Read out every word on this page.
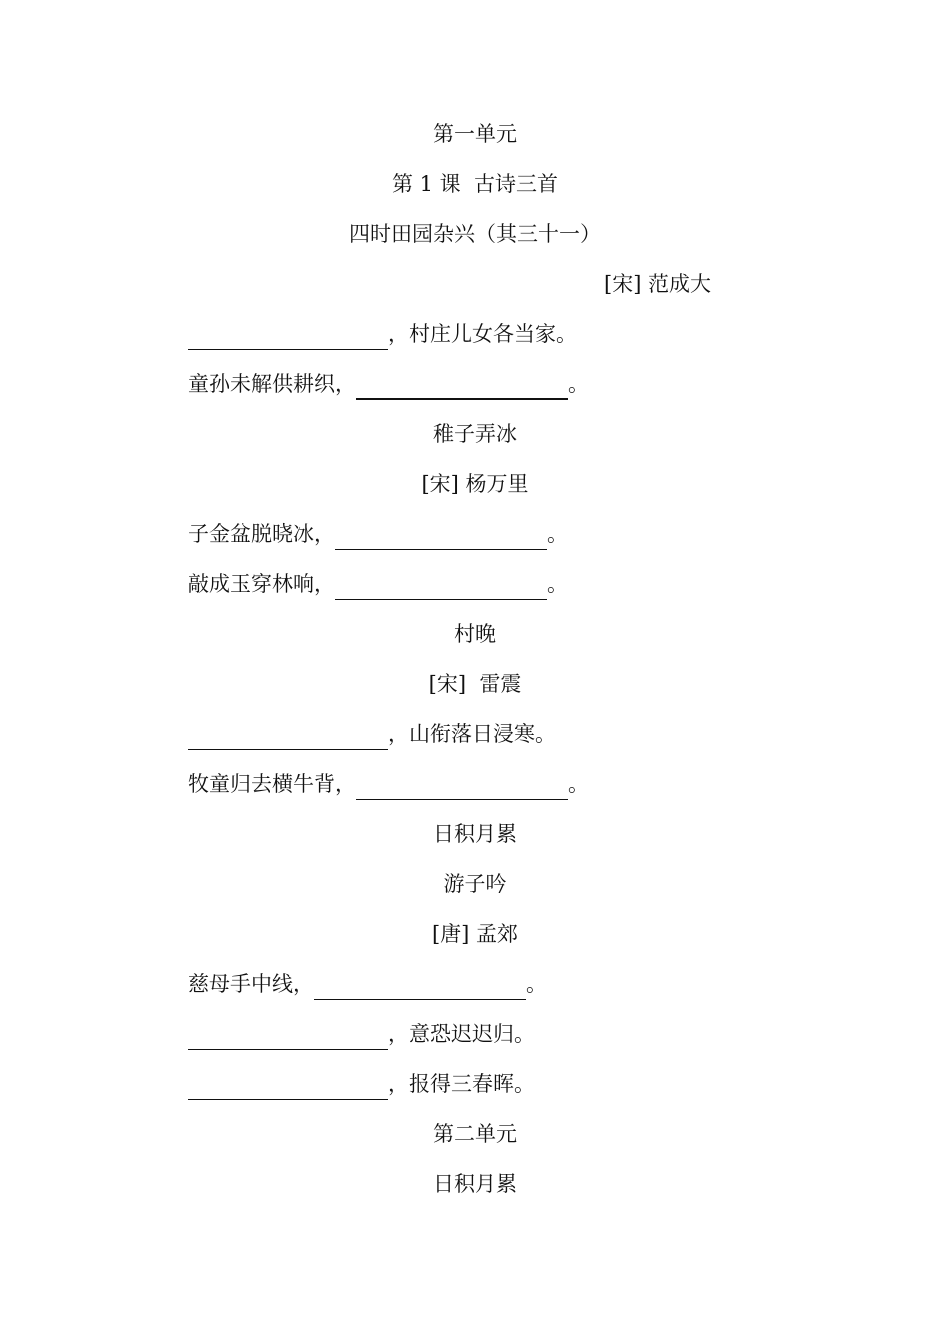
第一单元
第 1 课  古诗三首
四时田园杂兴（其三十一）
[宋] 范成大
，村庄儿女各当家。
童孙未解供耕织，	。
稚子弄冰
[宋] 杨万里
子金盆脱晓冰，	。
敲成玉穿林响，	。
村晚
[宋]  雷震
，山衔落日浸寒。
牧童归去横牛背，	。
日积月累
游子吟
[唐] 孟郊
慈母手中线，	。
，意恐迟迟归。
，报得三春晖。
第二单元
日积月累
